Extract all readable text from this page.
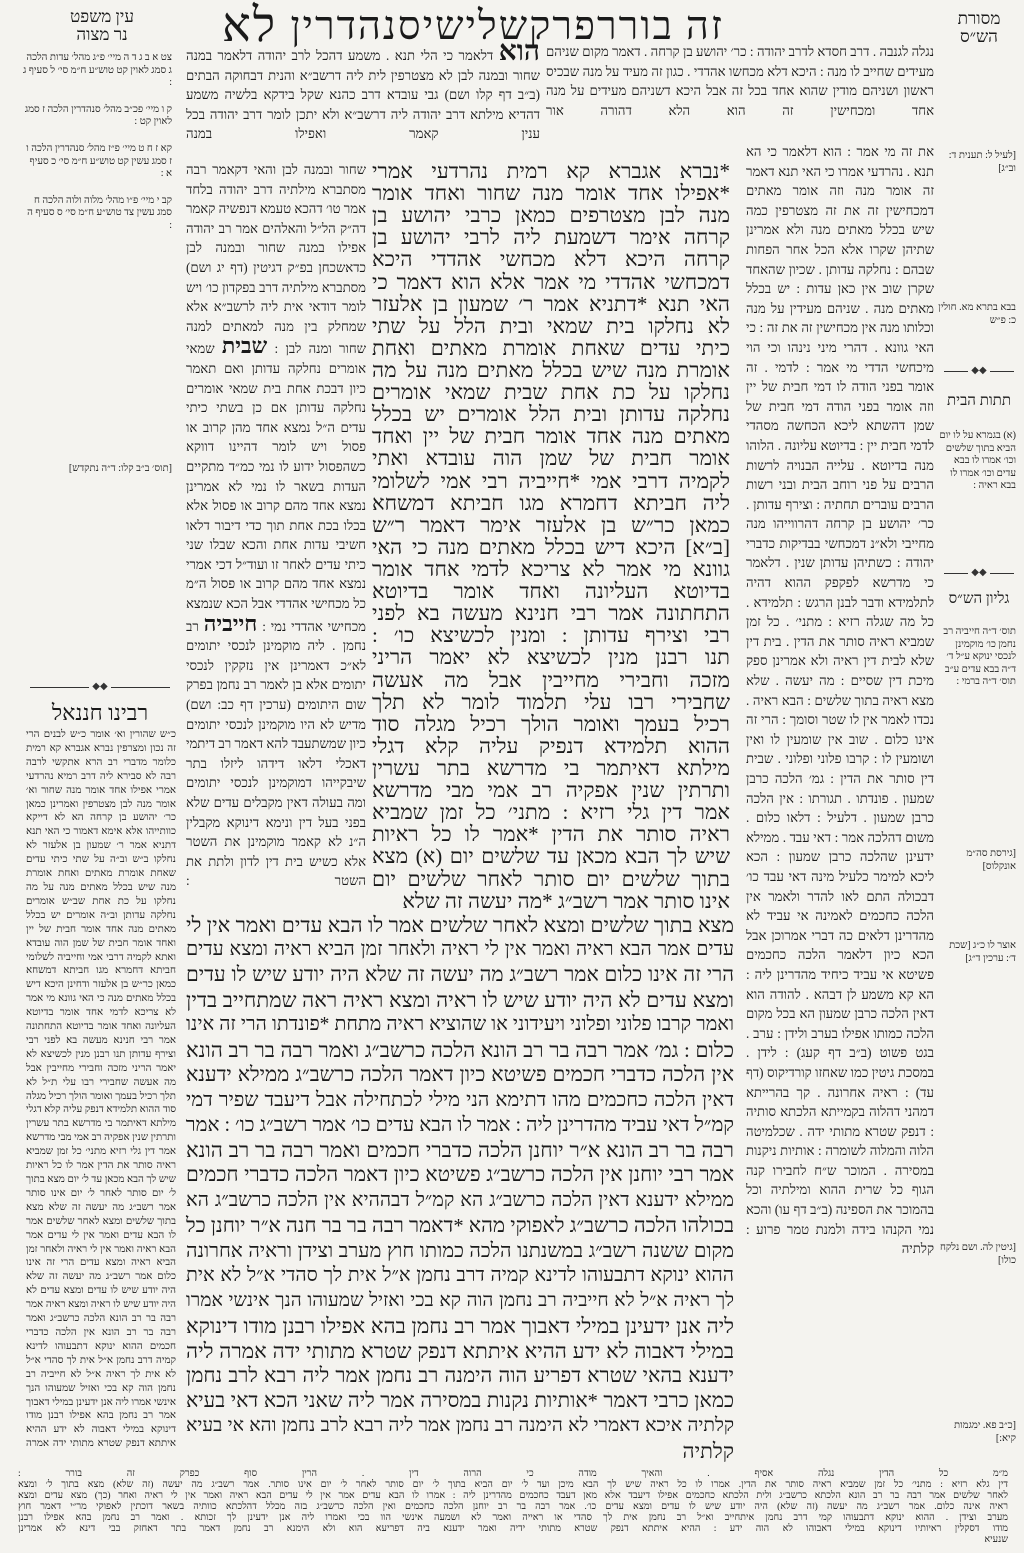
זה בורר
פרק
שלישי
סנהדרין
לא
עין משפט
נר מצוה
מסורת
הש״ס
צט א ב ג ד ה מיי׳ פ״ג מהל׳ עדות הלכה ג סמג לאוין קט טוש״ע ח״מ סי׳ ל סעיף ג :
ק ו מיי׳ פכ״ב מהל׳ סנהדרין הלכה ז סמג לאוין קט :
קא ז ח ט מיי׳ פ״ז מהל׳ סנהדרין הלכה ו ז סמג עשין קט טוש״ע ח״מ סי׳ כ סעיף א :
קב י מיי׳ פ״ו מהל׳ מלוה ולוה הלכה ח סמג עשין צד טוש״ע ח״מ סי׳ ס סעיף ה :
[תוס׳ ב״ב קלו: ד״ה נתקדש]
◆◆
רבינו חננאל
כ״ש שהורין וא׳ אומר כ״ש לבנים הרי זה נכון ומצרפין נברא אגברא קא רמית כלומר מדברי רב הרא אתקשי לרבה רבה לא סבירא ליה דרב רמיא נהרדעי אמרי אפילו אחד אומר מנה שחור וא׳ אומר מנה לבן מצטרפין ואמרינן כמאן כר׳ יהושע בן קרחה הא לא דייקא כוותייהו אלא אימא דאמור כי האי תנא דתניא אמר ר׳ שמעון בן אלעזר לא נחלקו ב״ש וב״ה על שתי כיתי עדים שאחת אומרת מאתים ואחת אומרת מנה שיש בכלל מאתים מנה על מה נחלקו על כת אחת שב״ש אומרים נחלקה עדותן וב״ה אומרים יש בכלל מאתים מנה אחד אומר חבית של יין ואחד אומר חבית של שמן הוה עובדא ואתא לקמיה דרבי אמי וחייביה לשלומי חביתא דחמרא מגו חביתא דמשחא כמאן כר״ש בן אלעזר ודחינן היכא דיש בכלל מאתים מנה כי האי גוונא מי אמר לא צריכא לדמי אחד אומר בדיוטא העליונה ואחד אומר בדיוטא התחתונה אמר רבי חנינא מעשה בא לפני רבי וצירף עדותן תנו רבנן מנין לכשיצא לא יאמר הריני מזכה וחבירי מחייבין אבל מה אעשה שחבירי רבו עלי ת״ל לא תלך רכיל בעמך ואומר הולך רכיל מגלה סוד ההוא תלמידא דנפק עליה קלא דגלי מילתא דאיתמר בי מדרשא בתר עשרין ותרתין שנין אפקיה רב אמי מבי מדרשא אמר דין גלי רזיא מתני׳ כל זמן שמביא ראיה סותר את הדין אמר לו כל ראיות שיש לך הבא מכאן עד ל׳ יום מצא בתוך ל׳ יום סותר לאחר ל׳ יום אינו סותר אמר רשב״ג מה יעשה זה שלא מצא בתוך שלשים ומצא לאחר שלשים אמר לו הבא עדים ואמר אין לי עדים אמר הבא ראיה ואמר אין לי ראיה ולאחר זמן הביא ראיה ומצא עדים הרי זה אינו כלום אמר רשב״ג מה יעשה זה שלא היה יודע שיש לו עדים ומצא עדים לא היה יודע שיש לו ראיה ומצא ראיה אמר רבה בר רב הונא הלכה כרשב״ג ואמר רבה בר רב הונא אין הלכה כדברי חכמים ההוא ינוקא דתבעוהו לדינא קמיה דרב נחמן א״ל אית לך סהדי א״ל לא אית לך ראיה א״ל לא חייביה רב נחמן הוה קא בכי ואזיל שמעוהו הנך אינשי אמרו ליה אנן ידעינן במילי דאבוך אמר רב נחמן בהא אפילו רבנן מודו דינוקא במילי דאבוה לא ידע ההיא איתתא דנפק שטרא מתותי ידה אמרה
הוא דלאמר כי הלי תנא . משמע דהכל לרב יהודה דלאמר במנה שחור ובמנה לבן לא מצטרפין לית ליה דרשב״א והנית דבחוקה הבתים (ב״ב דף קלו ושם) גבי עובדא דרב כהנא שקל בידקא בלשיה משמע דהדיא מילתא דרב יהודה ליה דרשב״א ולא יתכן לומר דרב יהודה בכל ענין קאמר ואפילו במנה
שחור ובמנה לבן והאי דקאמר רבה מסתברא מילתיה דרב יהודה בלחד אמר טו׳ דהכא טעמא דנפשיה קאמר דה״ק הל״ל והאלהים אמר רב יהודה אפילו במנה שחור ובמנה לבן כדאשכחן בפ״ק דגיטין (דף יג ושם) מסתברא מילתיה דרב בפקדון כו׳ ויש לומר דודאי אית ליה לרשב״א אלא שמחלק בין מנה למאתים למנה שחור ומנה לבן : שבית שמאי אומרים נחלקה עדותן ואם תאמר כיון דבכת אחת בית שמאי אומרים נחלקה עדותן אם כן בשתי כיתי עדים ה״ל נמצא אחד מהן קרוב או פסול ויש לומר דהיינו דווקא כשהפסול ידוע לו נמי כמ״ד מתקיים העדות בשאר לו נמי לא אמרינן נמצא אחד מהם קרוב או פסול אלא בכלו בכת אחת תוך כדי דיבור דלאו חשיבי עדות אחת והכא שבלו שני כיתי עדים לאחר זו ועוד״ל דכי אמרי נמצא אחד מהם קרוב או פסול ה״מ כל מכחישי אהדדי אבל הכא שנמצא מכחישי אהדדי נמי : חייביה רב נחמן . ליה מוקמינן לנכסי יתומים לא״כ דאמרינן אין נזקקין לנכסי יתומים אלא בן לאמר רב נחמן בפרק שום היתומים (ערכין דף כב: ושם) מדיש לא היו מוקמינן לנכסי יתומים כיון שמשתעבד להא דאמר רב דיתמי דאכלי דלאו דידהו ליזלו בתר שיבקייהו דמוקמינן לנכסי יתומים ומה בעולה דאין מקבלים עדים שלא בפני בעל דין ונימא דינוקא מקבלין ה״נ לא קאמר מוקמינן את השטר אלא כשיש בית דין לדון ולתת את השטר :
נגלה לגנבה . דרב חסדא לדרב יהודה : כר׳ יהושע בן קרחה . דאמר מקום שניהם מעידים שחייב לו מנה : היכא דלא מכחשו אהדדי . כגון זה מעיד על מנה שבכיס ראשון ושניהם מודין שהוא אחד בכל זה אבל היכא דשניהם מעידים על מנה אחד ומכחישין זה הוא הלא דהורה אור
את זה מי אמר : הוא דלאמר כי הא תנא . נהרדעי אמרו כי האי תנא דאמר זה אומר מנה וזה אומר מאתים דמכחישין זה את זה מצטרפין כמה שיש בכלל מאתים מנה ולא אמרינן שתיהן שקרו אלא הכל אחר הפחות שבהם : נחלקה עדותן . שכיון שהאחד שקרן שוב אין כאן עדות : יש בכלל מאתים מנה . שניהם מעידין על מנה וכלותו מנה אין מכחישין זה את זה : כי האי גוונא . דהרי מיני נינהו וכי הוי מיכחשי הדדי מי אמר : לדמי . זה אומר בפני הודה לו דמי חבית של יין וזה אומר בפני הודה דמי חבית של שמן דהשתא ליכא הכחשה מסהדי לדמי חבית יין : בדיוטא עליונה . הלוהו מנה בדיוטא . עלייה הבנויה לרשות הרבים על פני רוחב הבית ובני רשות הרבים עוברים תחתיה : וצירף עדותן . כר׳ יהושע בן קרחה דהרווייהו מנה מחייבי ולא״נ דמכחשי בבדיקות כדברי יהודה : כשתיהן עדותן שנין . דלאמר כי מדרשא לפקפק ההוא דהיה לתלמידא ודבר לבנן הרגש : תלמידא . כל מה שגלה רזיא : מתני׳ . כל זמן שמביא ראיה סותר את הדין . בית דין שלא לבית דין ראיה ולא אמרינן ספק מיכת דין שסיים : מה יעשה . שלא מצא ראיה בתוך שלשים : הבא ראיה . נכדו לאמר אין לו שטר וסומך : הרי זה אינו כלום . שוב אין שומעין לו ואין ושומעין לו : קרבו פלוני ופלוני . שבית דין סותר את הדין : גמ׳ הלכה כרבן שמעון . פונדתו . תגורתו : אין הלכה כרבן שמעון . דלעיל : דלאו כלום . משום דהלכה אמר : דאי עבד . ממילא ידעינן שהלכה כרבן שמעון : הכא ליכא למימר כלעיל מינה דאי עבד כו׳ דבכולה התם לאו להדר ולאמר אין הלכה כחכמים לאמינה אי עביד לא מהדרינן דלאים כה דברי אמרוכן אבל הכא כיון דלאמר הלכה כחכמים פשיטא אי עביד כיחיד מהדרינן ליה : הא קא משמע לן דבהא . להודה הוא דאין הלכה כרבן שמעון הא בכל מקום הלכה כמותו אפילו בערב ולידן : ערב . בגט פשוט (ב״ב דף קעג) : לידן . במסכת גיטין כמו שאחזו קורדיקוס (דף עד) : ראיה אחרונה . קך בהרייתא דמהני דהלוה בקמייתא הלכתא סותיה : דנפק שטרא מתותי ידה . שכלמיטה הלוה והמלוה לשומרה : אותיות ניקנות במסירה . המוכר ש״ח לחבירו קנה הגוף כל שרית ההוא ומילתיה וכל בהמוכר את הספינה (ב״ב דף עו) והכא נמי הקנהו בידה ולמנת טמר פרוע : קלתיה
[לעיל ל: תענית ד: וב״ג]
בבא בתרא מא. חולין כ: פ״ש
◆◆
תתות הבית
(א) בגמרא על לו יום הביא בתוך שלשים וכו׳ אמרו לו בבא עדים וכו׳ אמרו לו בבא ראיה :
◆◆
גליון הש״ס
תוס׳ ד״ה חייביה רב נחמן כו׳ מוקמינן לנכסי ינוקא ע״ל ד׳ ד״ה בבא עדים ע״ב תוס׳ ד״ה ברמי :
[גירסת סה״מ אונקלוס]
אוצר לו כ״ג [שכת ד׳: ערכין ד״ג]
[גיטין לה. ושם נלקח כולו]
[כ״ב פא. ימגמות קיא:]
*נברא אגברא קא רמית נהרדעי אמרי
*אפילו אחד אומר מנה שחור ואחד אומר
מנה לבן מצטרפים כמאן כרבי יהושע בן
קרחה אימר דשמעת ליה לרבי יהושע בן
קרחה היכא דלא מכחשי אהדדי היכא
דמכחשי אהדדי מי אמר אלא הוא דאמר כי
האי תנא *דתניא אמר ר׳ שמעון בן אלעזר
לא נחלקו בית שמאי ובית הלל על שתי
כיתי עדים שאחת אומרת מאתים ואחת
אומרת מנה שיש בכלל מאתים מנה על מה
נחלקו על כת אחת שבית שמאי אומרים
נחלקה עדותן ובית הלל אומרים יש בכלל
מאתים מנה אחד אומר חבית של יין ואחד
אומר חבית של שמן הוה עובדא ואתי
לקמיה דרבי אמי *חייביה רבי אמי לשלומי
ליה חביתא דחמרא מגו חביתא דמשחא
כמאן כר״ש בן אלעזר אימר דאמר ר״ש
[ב״א] היכא דיש בכלל מאתים מנה כי האי
גוונא מי אמר לא צריכא לדמי אחד אומר
בדיוטא העליונה ואחד אומר בדיוטא
התחתונה אמר רבי חנינא מעשה בא לפני
רבי וצירף עדותן : ומנין לכשיצא כו׳ :
תנו רבנן מנין לכשיצא לא יאמר הריני
מזכה וחבירי מחייבין אבל מה אעשה
שחבירי רבו עלי תלמוד לומר לא תלך
רכיל בעמך ואומר הולך רכיל מגלה סוד
ההוא תלמידא דנפיק עליה קלא דגלי
מילתא דאיתמר בי מדרשא בתר עשרין
ותרתין שנין אפקיה רב אמי מבי מדרשא
אמר דין גלי רזיא : מתני׳ כל זמן שמביא
ראיה סותר את הדין *אמר לו כל ראיות
שיש לך הבא מכאן עד שלשים יום (א) מצא
בתוך שלשים יום סותר לאחר שלשים יום
אינו סותר אמר רשב״ג *מה יעשה זה שלא
מצא בתוך שלשים ומצא לאחר שלשים אמר לו הבא עדים ואמר אין לי
עדים אמר הבא ראיה ואמר אין לי ראיה ולאחר זמן הביא ראיה ומצא עדים
הרי זה אינו כלום אמר רשב״ג מה יעשה זה שלא היה יודע שיש לו עדים
ומצא עדים לא היה יודע שיש לו ראיה ומצא ראיה ראה שמתחייב בדין
ואמר קרבו פלוני ופלוני ויעידוני או שהוציא ראיה מתחת *פונדתו הרי זה אינו
כלום : גמ׳ אמר רבה בר רב הונא הלכה כרשב״ג ואמר רבה בר רב הונא
אין הלכה כדברי חכמים פשיטא כיון דאמר הלכה כרשב״ג ממילא ידענא
דאין הלכה כחכמים מהו דתימא הני מילי לכתחילה אבל דיעבד שפיר דמי
קמ״ל דאי עביד מהדרינן ליה : אמר לו הבא עדים כו׳ אמר רשב״ג כו׳ : אמר
רבה בר רב הונא א״ר יוחנן הלכה כדברי חכמים ואמר רבה בר רב הונא
אמר רבי יוחנן אין הלכה כרשב״ג פשיטא כיון דאמר הלכה כדברי חכמים
ממילא ידענא דאין הלכה כרשב״ג הא קמ״ל דבההיא אין הלכה כרשב״ג הא
בכולהו הלכה כרשב״ג לאפוקי מהא *דאמר רבה בר בר חנה א״ר יוחנן כל
מקום ששנה רשב״ג במשנתנו הלכה כמותו חוץ מערב וצידן וראיה אחרונה
ההוא ינוקא דתבעוהו לדינא קמיה דרב נחמן א״ל אית לך סהדי א״ל לא אית
לך ראיה א״ל לא חייביה רב נחמן הוה קא בכי ואזיל שמעוהו הנך אינשי אמרו
ליה אנן ידעינן במילי דאבוך אמר רב נחמן בהא אפילו רבנן מודו דינוקא
במילי דאבוה לא ידע ההיא איתתא דנפק שטרא מתותי ידה אמרה ליה
ידענא בהאי שטרא דפריע הוה הימנה רב נחמן אמר ליה רבא לרב נחמן
כמאן כרבי דאמר *אותיות נקנות במסירה אמר ליה שאני הכא דאי בעיא
קלתיה איכא דאמרי לא הימנה רב נחמן אמר ליה רבא לרב נחמן והא אי בעיא
קלתיה
מ״מ כל הדין נגלה אסיף . והאיך מודה כי הרוה דין . הרין סוף כפרק זה בורר :
דין גלא רזיא : מתני׳ כל זמן שמביא ראיה סותר את הדין. אמרו לו כל ראיה שיש לך הבא מיכן ועד ל׳ יום הביא בתוך ל׳ יום סותר לאחר ל׳ יום אינו סותר. אמר רשב״ג מה יעשה (זה שלא) מצא בתוך ל׳ ומצא
לאחר שלשים אמר רבה בר רב הונא הלכתא כרשב״ג ולית הלכתא כחכמים אפילו דיעבד אלא מאן דעבד כחכמים מהדרינן ליה : אמרו לו הבא עדים אמר אין לי עדים הבא ראיה ואמר אין לי ראיה ואחר (כך) מצא עדים ומצא
ראיה אינה כלום. אמר רשב״ג מה יעשה (זה שלא) היה יודע שיש לו עדים ומצא עדים כו׳. אמר רבה בר רב יוחנן הלכה כחכמים ואין הלכה כרשב״ג בזה מכלל דהלכתא כוותיה בשאר דוכתין לאפוקי מר״י דאמר חוץ
מערב וצידן . ההוא ינוקא דתבעוהו קמי דרב נחמן איתחייב וא״ל רב נחמן אית לך סהדי או ראייה ואמר לא ושמעה אינשי הוו בכי ואמרו ליה אנן ידעינן לך זכותא . ואמר רב נחמן בהא אפילו רבנן
מודו דסקלין ראיותיו דינוקא במילי דאבוהו לא הוה ידע : ההיא איתתא דנפק שטרא מתותי ידיה ואמר ידענא ביה דפריעא הוא ולא הימנא רב נחמן דאמר בתר דאחזק בבי דינא לא אמרינן
שנעיא
